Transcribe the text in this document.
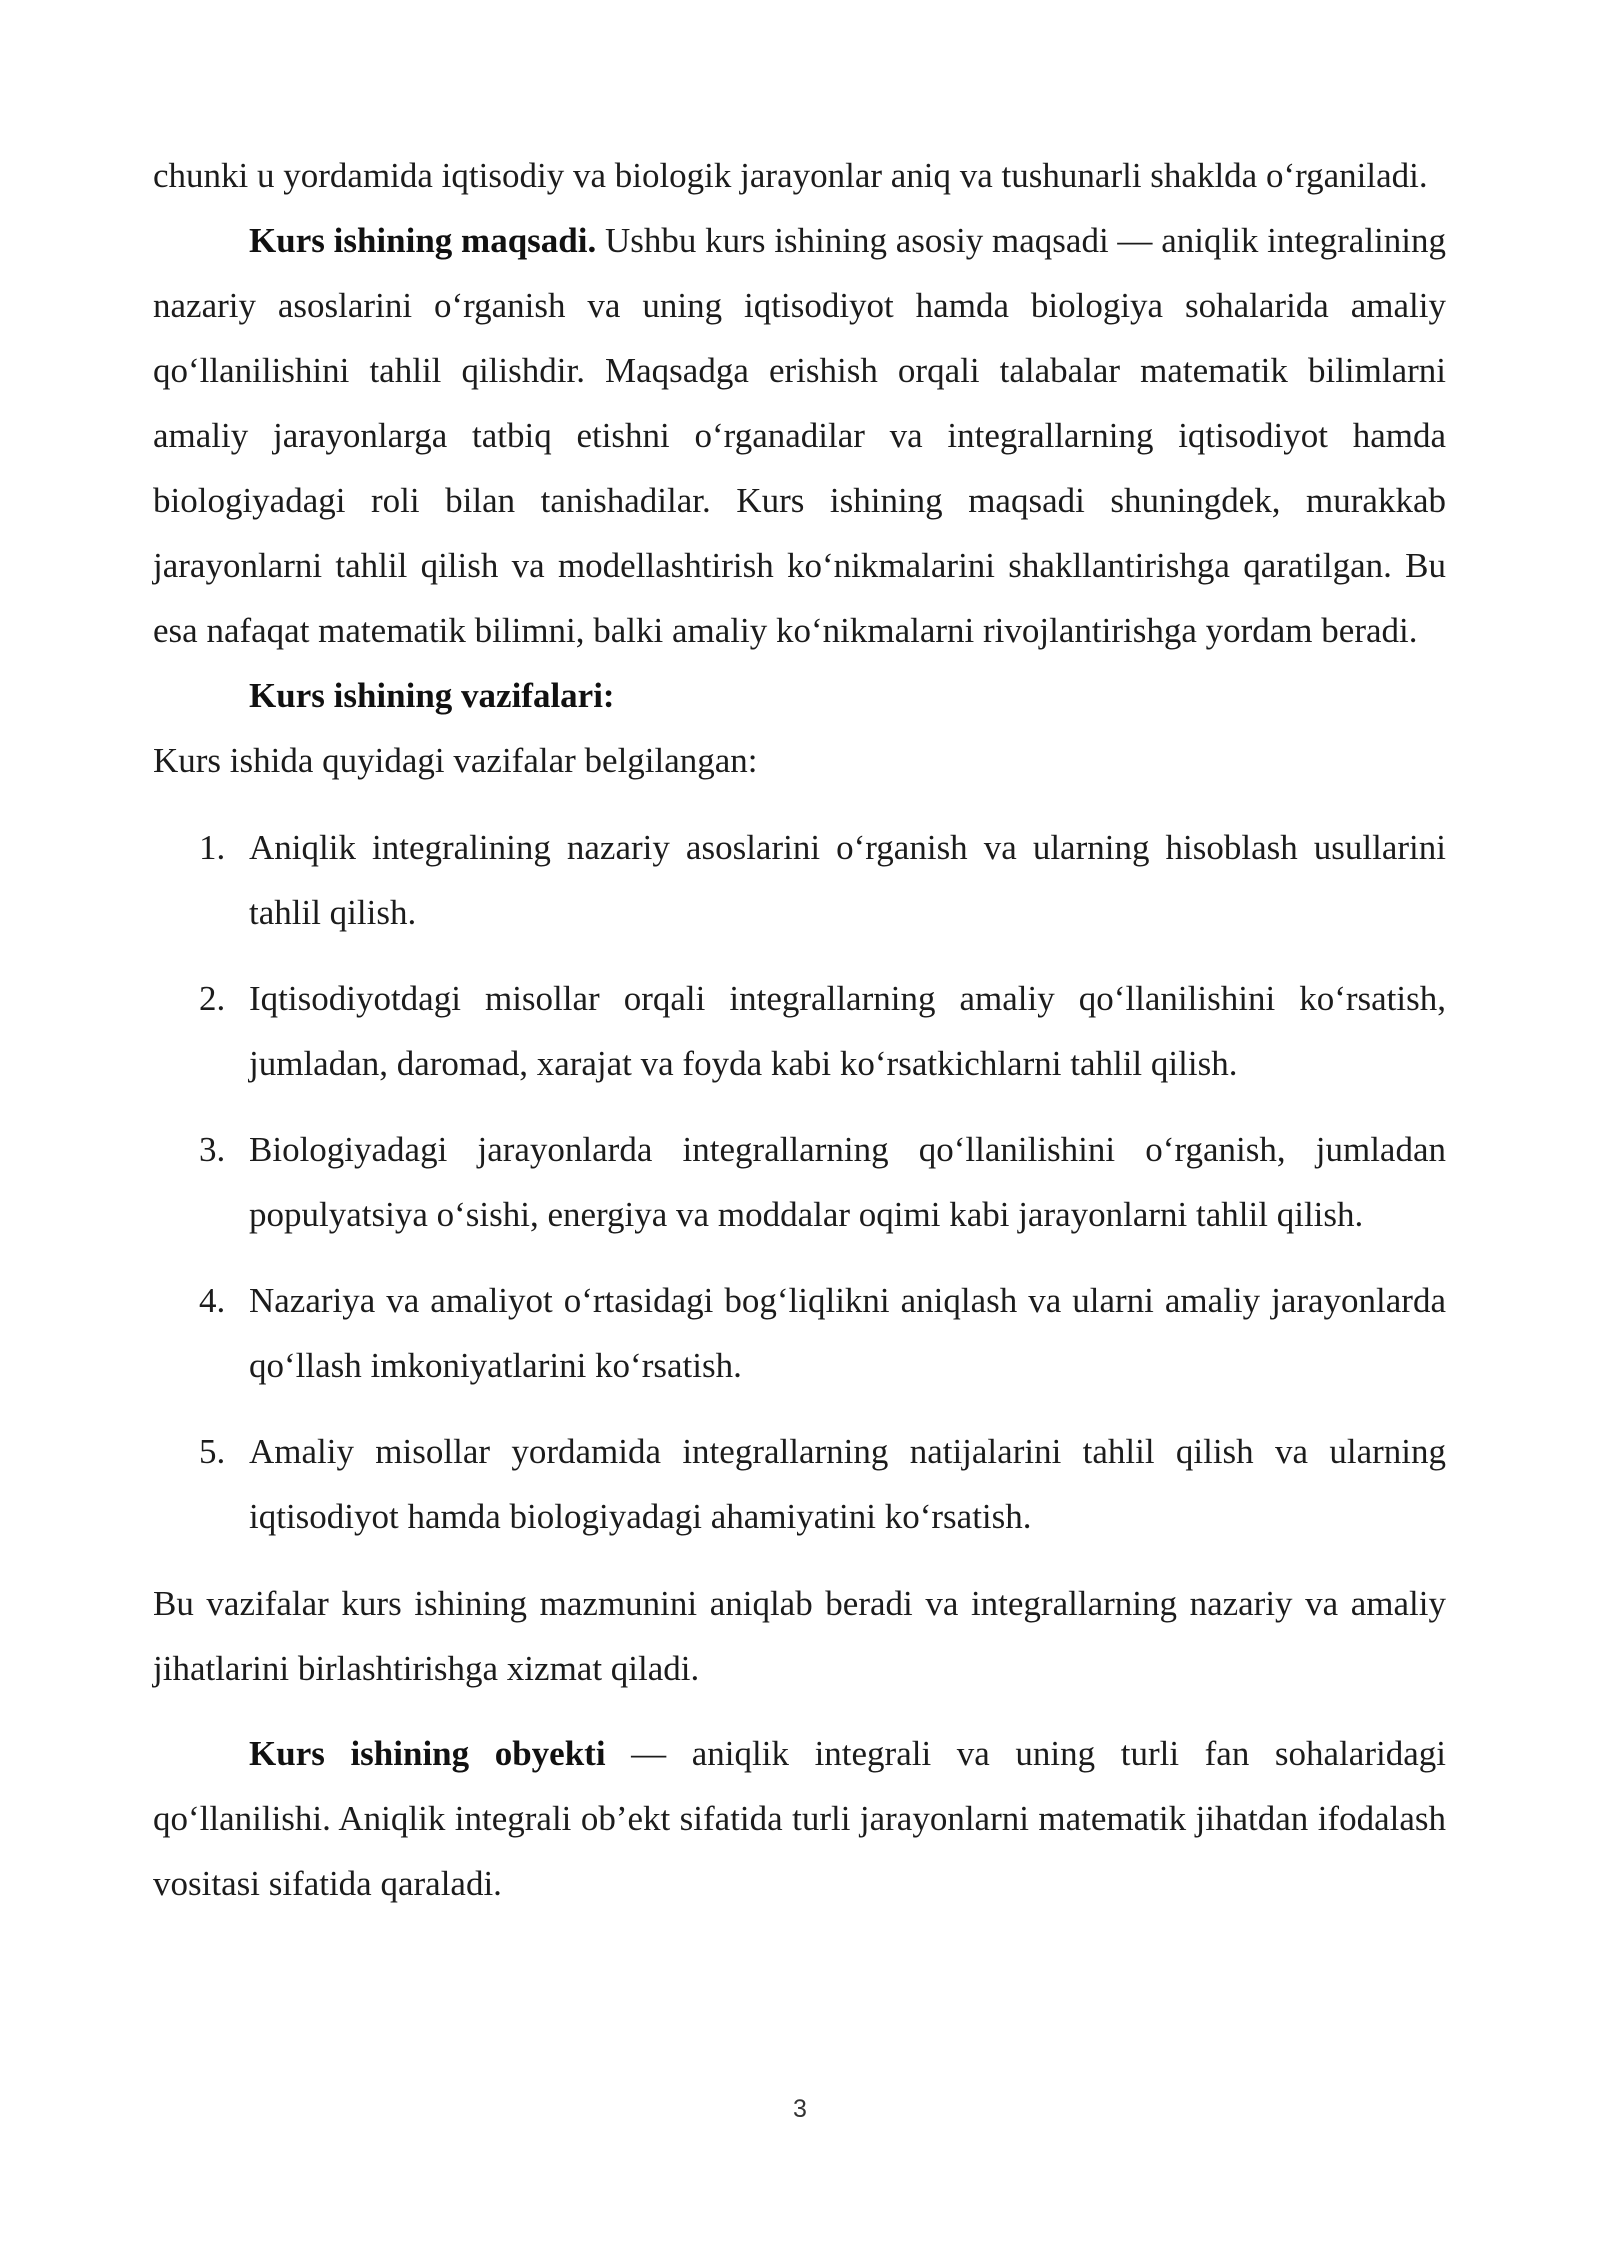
chunki u yordamida iqtisodiy va biologik jarayonlar aniq va tushunarli shaklda o‘rganiladi.

Kurs ishining maqsadi. Ushbu kurs ishining asosiy maqsadi — aniqlik integralining nazariy asoslarini o‘rganish va uning iqtisodiyot hamda biologiya sohalarida amaliy qo‘llanilishini tahlil qilishdir. Maqsadga erishish orqali talabalar matematik bilimlarni amaliy jarayonlarga tatbiq etishni o‘rganadilar va integrallarning iqtisodiyot hamda biologiyadagi roli bilan tanishadilar. Kurs ishining maqsadi shuningdek, murakkab jarayonlarni tahlil qilish va modellashtirish ko‘nikmalarini shakllantirishga qaratilgan. Bu esa nafaqat matematik bilimni, balki amaliy ko‘nikmalarni rivojlantirishga yordam beradi.

Kurs ishining vazifalari:

Kurs ishida quyidagi vazifalar belgilangan:

1. Aniqlik integralining nazariy asoslarini o‘rganish va ularning hisoblash usullarini tahlil qilish.
2. Iqtisodiyotdagi misollar orqali integrallarning amaliy qo‘llanilishini ko‘rsatish, jumladan, daromad, xarajat va foyda kabi ko‘rsatkichlarni tahlil qilish.
3. Biologiyadagi jarayonlarda integrallarning qo‘llanilishini o‘rganish, jumladan populyatsiya o‘sishi, energiya va moddalar oqimi kabi jarayonlarni tahlil qilish.
4. Nazariya va amaliyot o‘rtasidagi bog‘liqlikni aniqlash va ularni amaliy jarayonlarda qo‘llash imkoniyatlarini ko‘rsatish.
5. Amaliy misollar yordamida integrallarning natijalarini tahlil qilish va ularning iqtisodiyot hamda biologiyadagi ahamiyatini ko‘rsatish.

Bu vazifalar kurs ishining mazmunini aniqlab beradi va integrallarning nazariy va amaliy jihatlarini birlashtirishga xizmat qiladi.

Kurs ishining obyekti — aniqlik integrali va uning turli fan sohalaridagi qo‘llanilishi. Aniqlik integrali ob’ekt sifatida turli jarayonlarni matematik jihatdan ifodalash vositasi sifatida qaraladi.

3
